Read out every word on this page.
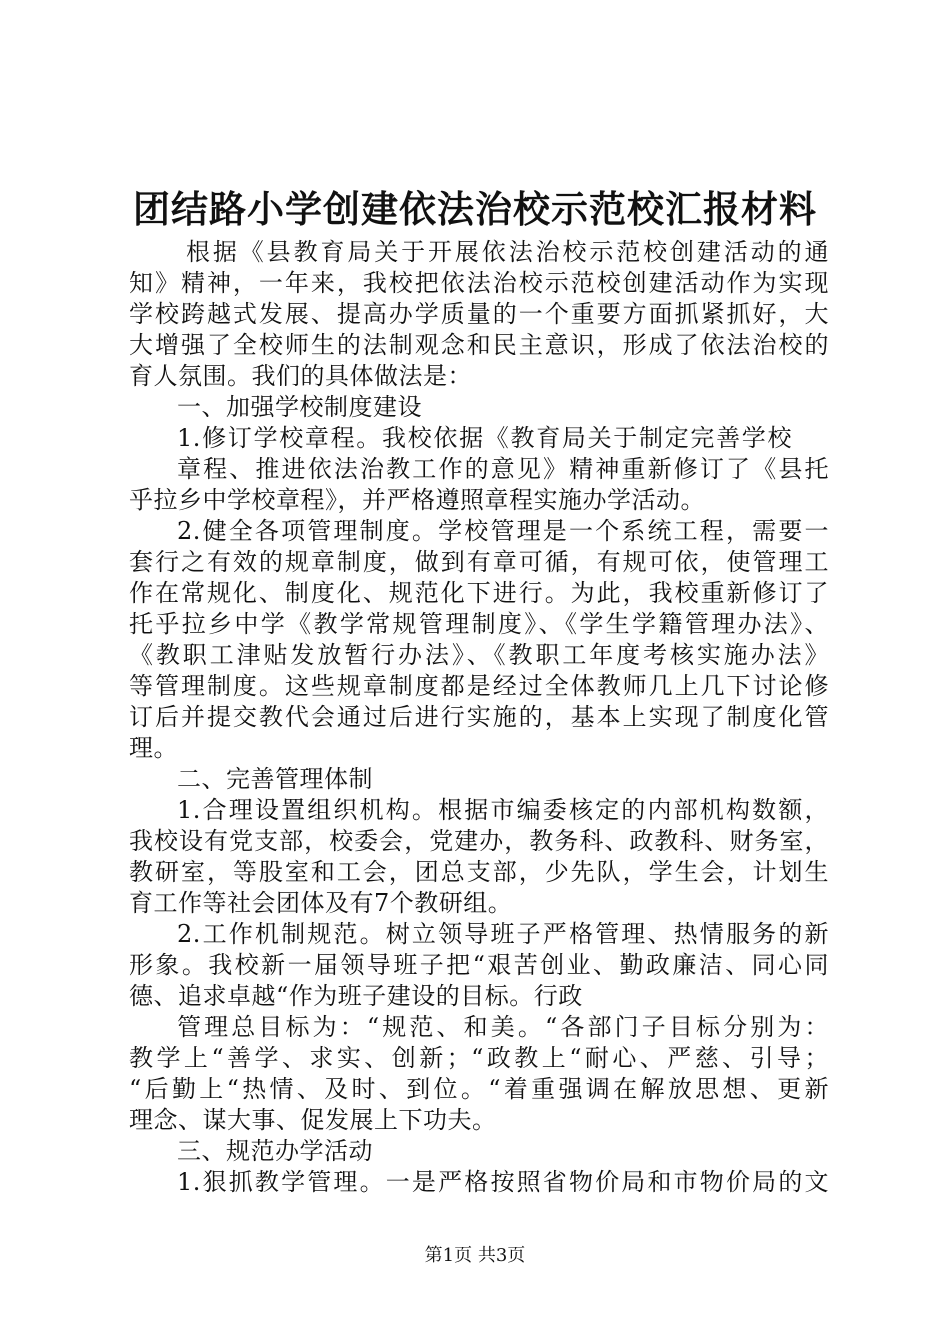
团结路小学创建依法治校示范校汇报材料
根据《县教育局关于开展依法治校示范校创建活动的通
知》精神，一年来，我校把依法治校示范校创建活动作为实现
学校跨越式发展、提高办学质量的一个重要方面抓紧抓好，大
大增强了全校师生的法制观念和民主意识，形成了依法治校的
育人氛围。我们的具体做法是：
一、加强学校制度建设
1.修订学校章程。我校依据《教育局关于制定完善学校
章程、推进依法治教工作的意见》精神重新修订了《县托
乎拉乡中学校章程》，并严格遵照章程实施办学活动。
2.健全各项管理制度。学校管理是一个系统工程，需要一
套行之有效的规章制度，做到有章可循，有规可依，使管理工
作在常规化、制度化、规范化下进行。为此，我校重新修订了
托乎拉乡中学《教学常规管理制度》、《学生学籍管理办法》、
《教职工津贴发放暂行办法》、《教职工年度考核实施办法》
等管理制度。这些规章制度都是经过全体教师几上几下讨论修
订后并提交教代会通过后进行实施的，基本上实现了制度化管
理。
二、完善管理体制
1.合理设置组织机构。根据市编委核定的内部机构数额，
我校设有党支部，校委会，党建办，教务科、政教科、财务室，
教研室，等股室和工会，团总支部，少先队，学生会，计划生
育工作等社会团体及有7个教研组。
2.工作机制规范。树立领导班子严格管理、热情服务的新
形象。我校新一届领导班子把“艰苦创业、勤政廉洁、同心同
德、追求卓越“作为班子建设的目标。行政
管理总目标为：“规范、和美。“各部门子目标分别为：
教学上“善学、求实、创新；“政教上“耐心、严慈、引导；
“后勤上“热情、及时、到位。“着重强调在解放思想、更新
理念、谋大事、促发展上下功夫。
三、规范办学活动
1.狠抓教学管理。一是严格按照省物价局和市物价局的文
第1页 共3页
